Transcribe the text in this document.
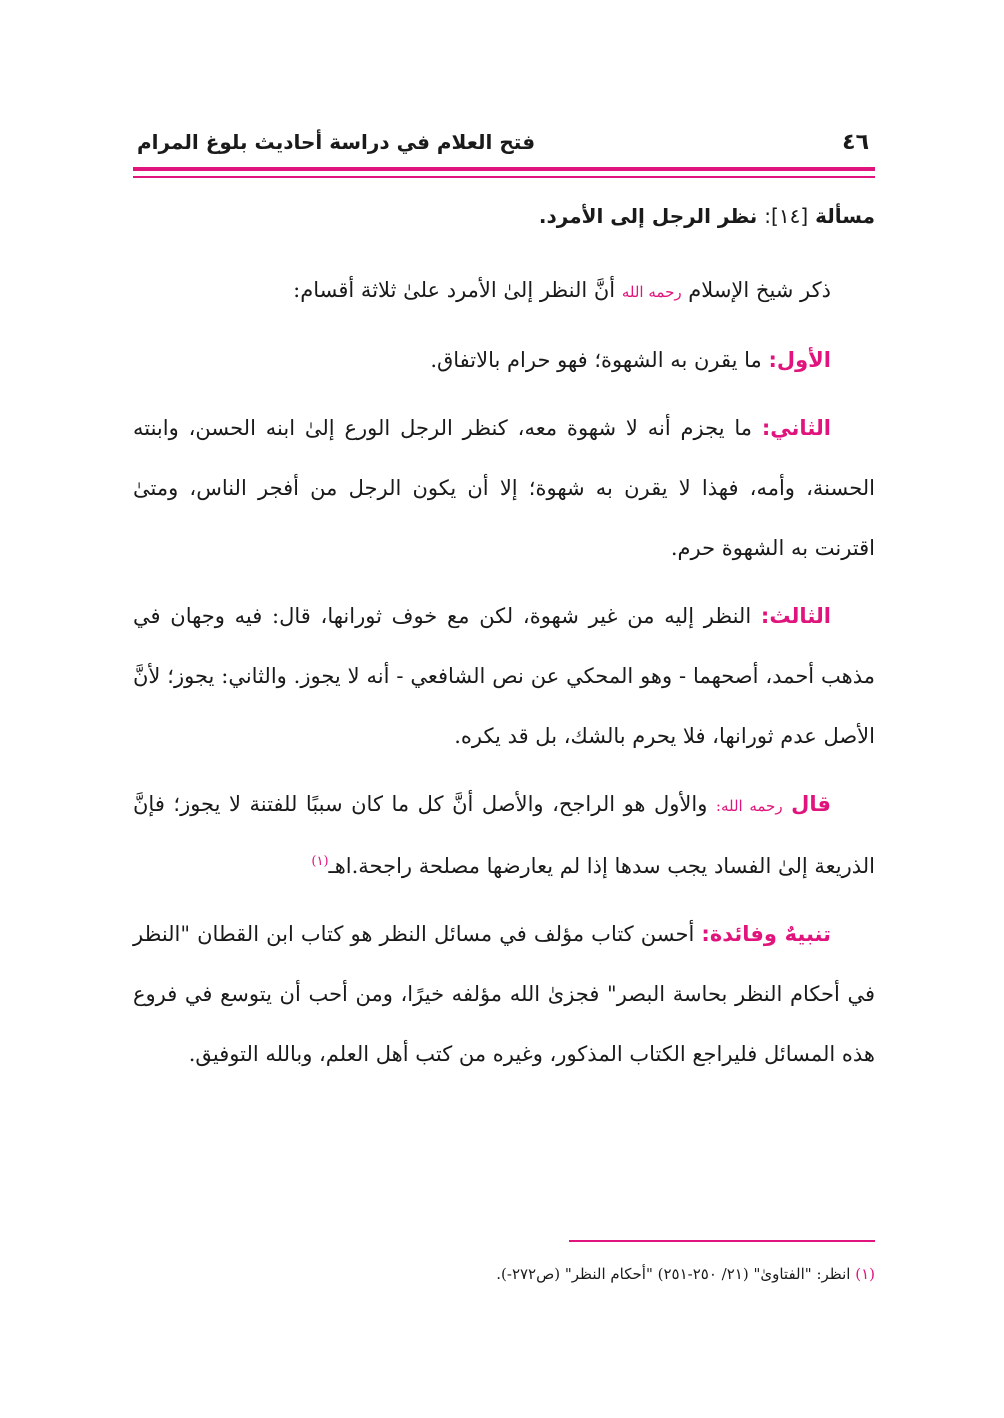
٤٦
فتح العلام في دراسة أحاديث بلوغ المرام

مسألة [١٤]: نظر الرجل إلى الأمرد.

ذكر شيخ الإسلام رحمه الله أنَّ النظر إلىٰ الأمرد علىٰ ثلاثة أقسام:

الأول: ما يقرن به الشهوة؛ فهو حرام بالاتفاق.

الثاني: ما يجزم أنه لا شهوة معه، كنظر الرجل الورع إلىٰ ابنه الحسن، وابنته الحسنة، وأمه، فهذا لا يقرن به شهوة؛ إلا أن يكون الرجل من أفجر الناس، ومتىٰ اقترنت به الشهوة حرم.

الثالث: النظر إليه من غير شهوة، لكن مع خوف ثورانها، قال: فيه وجهان في مذهب أحمد، أصحهما - وهو المحكي عن نص الشافعي - أنه لا يجوز. والثاني: يجوز؛ لأنَّ الأصل عدم ثورانها، فلا يحرم بالشك، بل قد يكره.

قال رحمه الله: والأول هو الراجح، والأصل أنَّ كل ما كان سببًا للفتنة لا يجوز؛ فإنَّ الذريعة إلىٰ الفساد يجب سدها إذا لم يعارضها مصلحة راجحة.اهـ$^{(١)}$

تنبيهٌ وفائدة: أحسن كتاب مؤلف في مسائل النظر هو كتاب ابن القطان "النظر في أحكام النظر بحاسة البصر" فجزىٰ الله مؤلفه خيرًا، ومن أحب أن يتوسع في فروع هذه المسائل فليراجع الكتاب المذكور، وغيره من كتب أهل العلم، وبالله التوفيق.

(١) انظر: "الفتاوىٰ" (٢١/ ٢٥٠-٢٥١) "أحكام النظر" (ص٢٧٢-).
